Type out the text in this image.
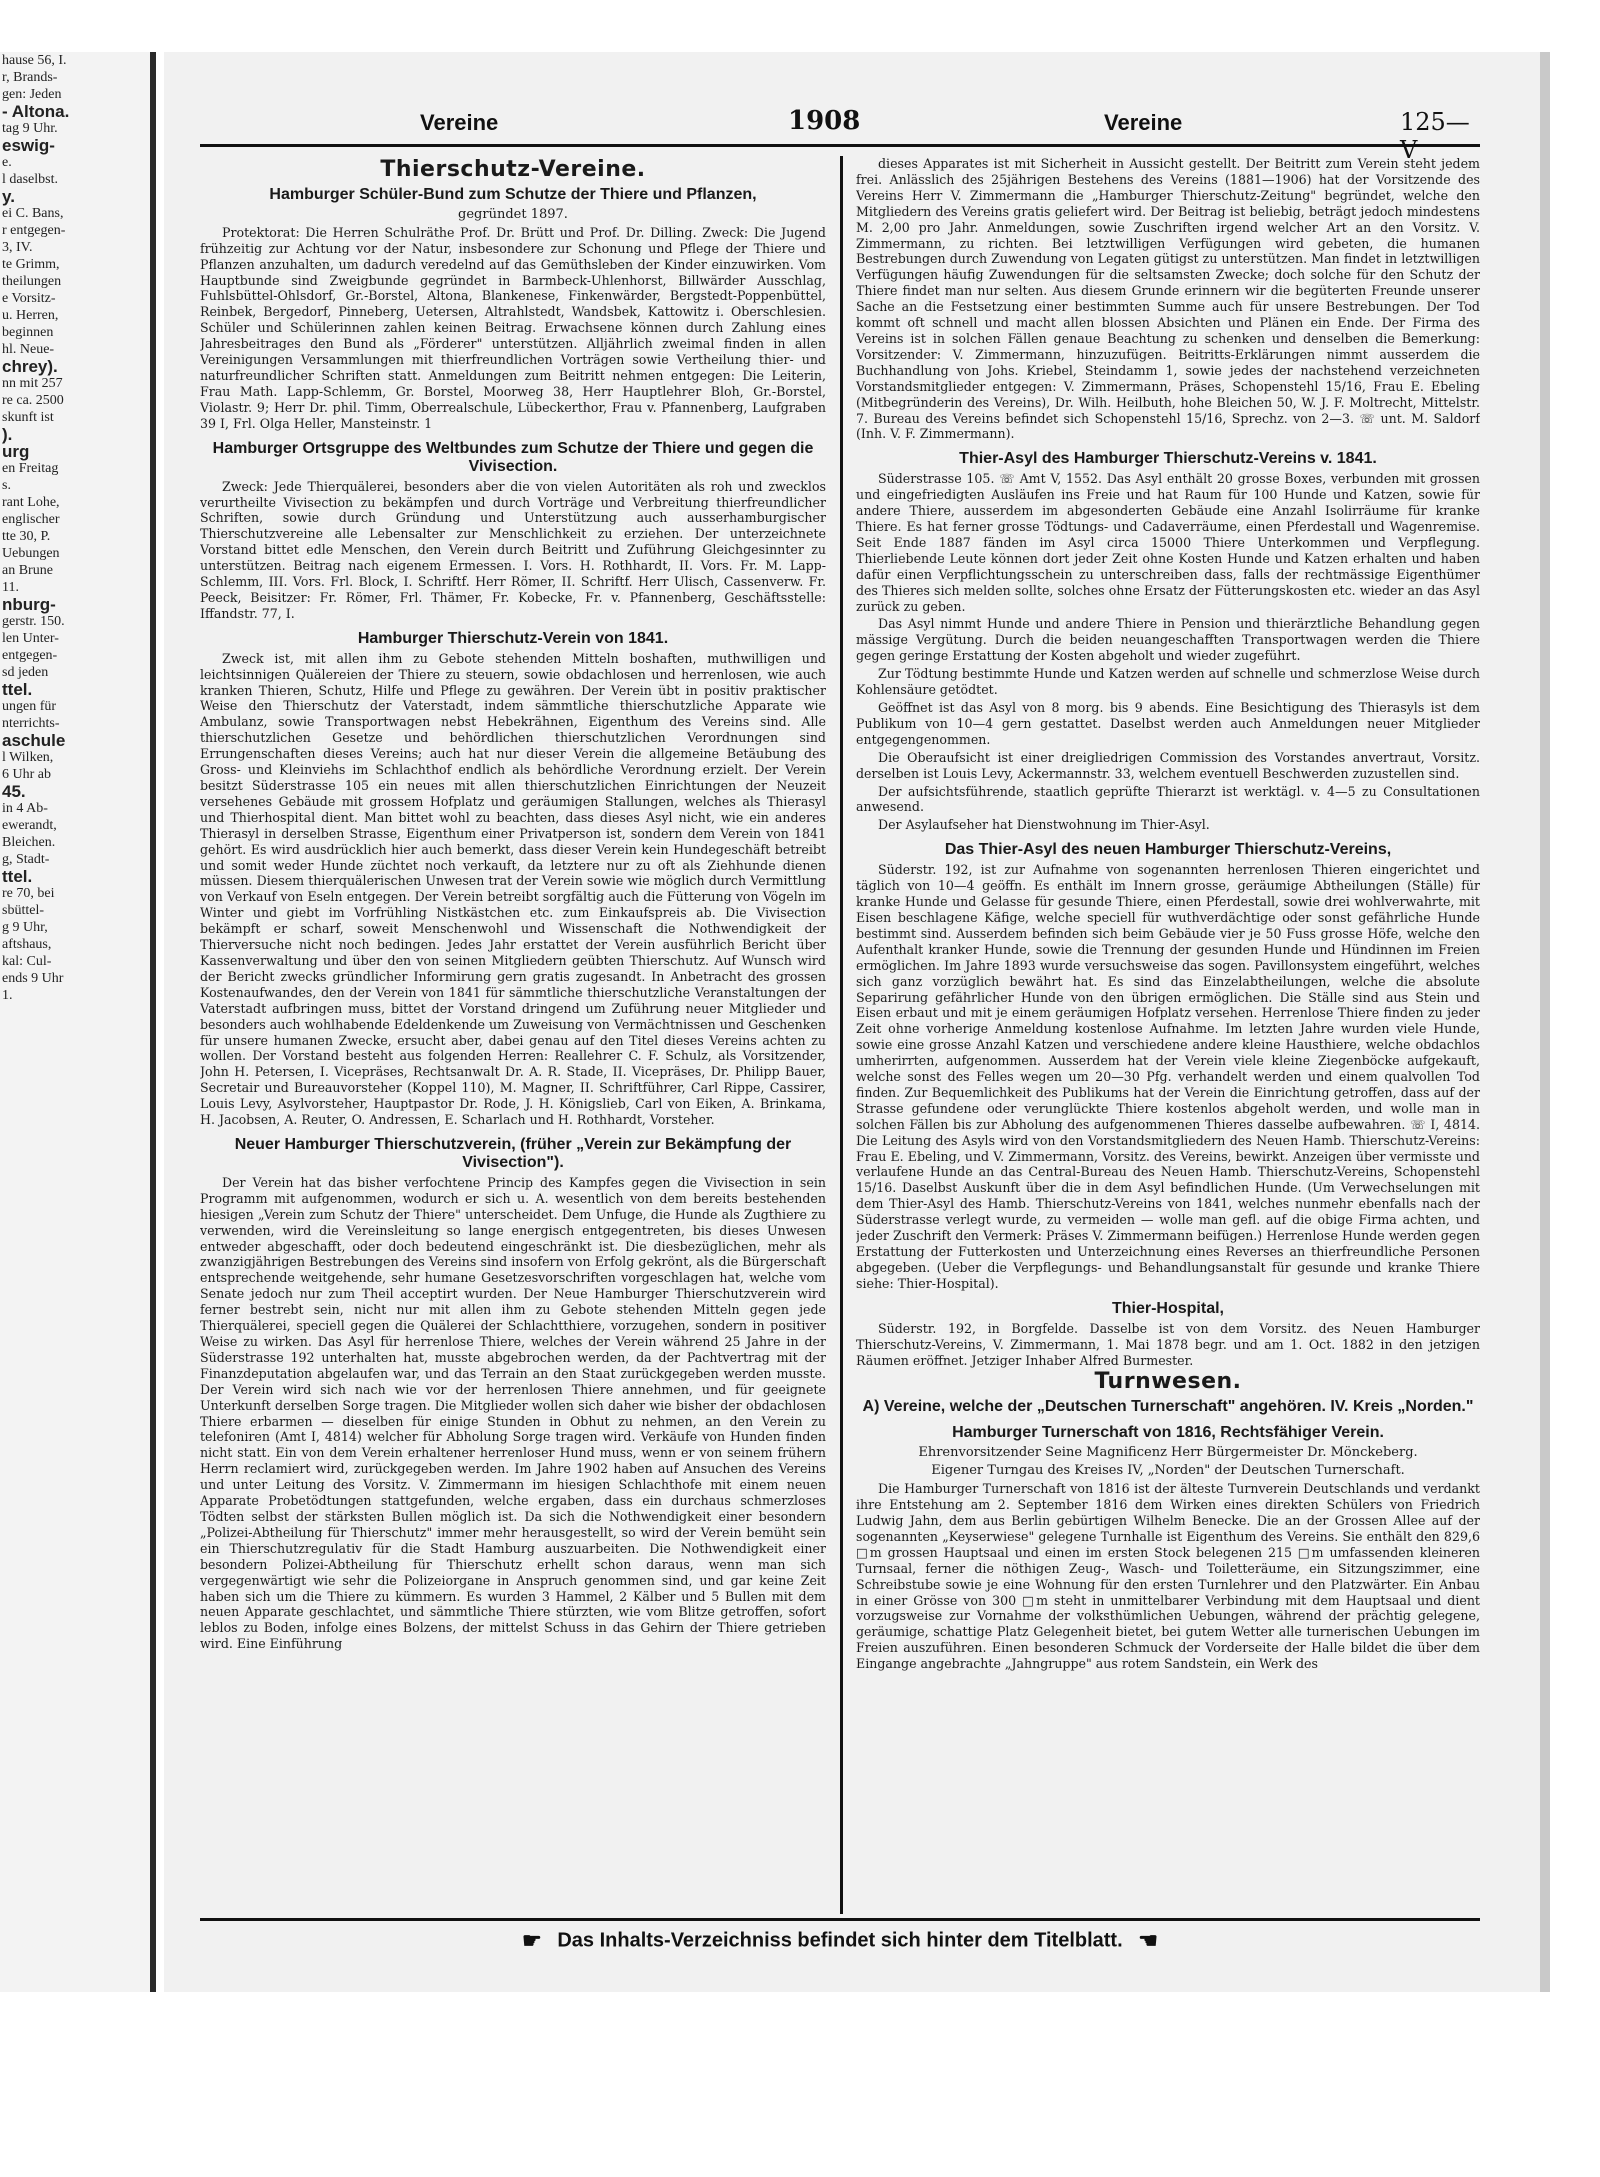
hause 56, I.
r, Brands-
gen: Jeden
- Altona.
tag 9 Uhr.
eswig-
e.
l daselbst.
y.
ei C. Bans,
r entgegen-
3, IV.
te Grimm,
theilungen
e Vorsitz-
u. Herren,
beginnen
hl. Neue-
chrey).
nn mit 257
re ca. 2500
skunft ist
).
urg
en Freitag
s.
rant Lohe,
englischer
tte 30, P.
Uebungen
an Brune
11.
nburg-
gerstr. 150.
len Unter-
entgegen-
sd jeden
ttel.
ungen für
nterrichts-
aschule
l Wilken,
6 Uhr ab
45.
in 4 Ab-
ewerandt,
Bleichen.
g, Stadt-
ttel.
re 70, bei
sbüttel-
g 9 Uhr,
aftshaus,
kal: Cul-
ends 9 Uhr
1.
Vereine	1908	Vereine	125—V
Thierschutz-Vereine.
Hamburger Schüler-Bund zum Schutze der Thiere und Pflanzen,
gegründet 1897.
Protektorat: Die Herren Schulräthe Prof. Dr. Brütt und Prof. Dr. Dilling. Zweck: Die Jugend frühzeitig zur Achtung vor der Natur, insbesondere zur Schonung und Pflege der Thiere und Pflanzen anzuhalten, um dadurch veredelnd auf das Gemüthsleben der Kinder einzuwirken. Vom Hauptbunde sind Zweigbunde gegründet in Barmbeck-Uhlenhorst, Billwärder Ausschlag, Fuhlsbüttel-Ohlsdorf, Gr.-Borstel, Altona, Blankenese, Finkenwärder, Bergstedt-Poppenbüttel, Reinbek, Bergedorf, Pinneberg, Uetersen, Altrahlstedt, Wandsbek, Kattowitz i. Oberschlesien. Schüler und Schülerinnen zahlen keinen Beitrag. Erwachsene können durch Zahlung eines Jahresbeitrages den Bund als „Förderer" unterstützen. Alljährlich zweimal finden in allen Vereinigungen Versammlungen mit thierfreundlichen Vorträgen sowie Vertheilung thier- und naturfreundlicher Schriften statt. Anmeldungen zum Beitritt nehmen entgegen: Die Leiterin, Frau Math. Lapp-Schlemm, Gr. Borstel, Moorweg 38, Herr Hauptlehrer Bloh, Gr.-Borstel, Violastr. 9; Herr Dr. phil. Timm, Oberrealschule, Lübeckerthor, Frau v. Pfannenberg, Laufgraben 39 I, Frl. Olga Heller, Mansteinstr. 1
Hamburger Ortsgruppe des Weltbundes zum Schutze der Thiere und gegen die Vivisection.
Zweck: Jede Thierquälerei, besonders aber die von vielen Autoritäten als roh und zwecklos verurtheilte Vivisection zu bekämpfen und durch Vorträge und Verbreitung thierfreundlicher Schriften, sowie durch Gründung und Unterstützung auch ausserhamburgischer Thierschutzvereine alle Lebensalter zur Menschlichkeit zu erziehen. Der unterzeichnete Vorstand bittet edle Menschen, den Verein durch Beitritt und Zuführung Gleichgesinnter zu unterstützen. Beitrag nach eigenem Ermessen. I. Vors. H. Rothhardt, II. Vors. Fr. M. Lapp-Schlemm, III. Vors. Frl. Block, I. Schriftf. Herr Römer, II. Schriftf. Herr Ulisch, Cassenverw. Fr. Peeck, Beisitzer: Fr. Römer, Frl. Thämer, Fr. Kobecke, Fr. v. Pfannenberg, Geschäftsstelle: Iffandstr. 77, I.
Hamburger Thierschutz-Verein von 1841.
Zweck ist, mit allen ihm zu Gebote stehenden Mitteln boshaften, muthwilligen und leichtsinnigen Quälereien der Thiere zu steuern, sowie obdachlosen und herrenlosen, wie auch kranken Thieren, Schutz, Hilfe und Pflege zu gewähren. Der Verein übt in positiv praktischer Weise den Thierschutz der Vaterstadt, indem sämmtliche thierschutzliche Apparate wie Ambulanz, sowie Transportwagen nebst Hebekrähnen, Eigenthum des Vereins sind. Alle thierschutzlichen Gesetze und behördlichen thierschutzlichen Verordnungen sind Errungenschaften dieses Vereins; auch hat nur dieser Verein die allgemeine Betäubung des Gross- und Kleinviehs im Schlachthof endlich als behördliche Verordnung erzielt. Der Verein besitzt Süderstrasse 105 ein neues mit allen thierschutzlichen Einrichtungen der Neuzeit versehenes Gebäude mit grossem Hofplatz und geräumigen Stallungen, welches als Thierasyl und Thierhospital dient. Man bittet wohl zu beachten, dass dieses Asyl nicht, wie ein anderes Thierasyl in derselben Strasse, Eigenthum einer Privatperson ist, sondern dem Verein von 1841 gehört. Es wird ausdrücklich hier auch bemerkt, dass dieser Verein kein Hundegeschäft betreibt und somit weder Hunde züchtet noch verkauft, da letztere nur zu oft als Ziehhunde dienen müssen. Diesem thierquälerischen Unwesen trat der Verein sowie wie möglich durch Vermittlung von Verkauf von Eseln entgegen. Der Verein betreibt sorgfältig auch die Fütterung von Vögeln im Winter und giebt im Vorfrühling Nistkästchen etc. zum Einkaufspreis ab. Die Vivisection bekämpft er scharf, soweit Menschenwohl und Wissenschaft die Nothwendigkeit der Thierversuche nicht noch bedingen. Jedes Jahr erstattet der Verein ausführlich Bericht über Kassenverwaltung und über den von seinen Mitgliedern geübten Thierschutz. Auf Wunsch wird der Bericht zwecks gründlicher Informirung gern gratis zugesandt. In Anbetracht des grossen Kostenaufwandes, den der Verein von 1841 für sämmtliche thierschutzliche Veranstaltungen der Vaterstadt aufbringen muss, bittet der Vorstand dringend um Zuführung neuer Mitglieder und besonders auch wohlhabende Edeldenkende um Zuweisung von Vermächtnissen und Geschenken für unsere humanen Zwecke, ersucht aber, dabei genau auf den Titel dieses Vereins achten zu wollen. Der Vorstand besteht aus folgenden Herren: Reallehrer C. F. Schulz, als Vorsitzender, John H. Petersen, I. Vicepräses, Rechtsanwalt Dr. A. R. Stade, II. Vicepräses, Dr. Philipp Bauer, Secretair und Bureauvorsteher (Koppel 110), M. Magner, II. Schriftführer, Carl Rippe, Cassirer, Louis Levy, Asylvorsteher, Hauptpastor Dr. Rode, J. H. Königslieb, Carl von Eiken, A. Brinkama, H. Jacobsen, A. Reuter, O. Andressen, E. Scharlach und H. Rothhardt, Vorsteher.
Neuer Hamburger Thierschutzverein, (früher „Verein zur Bekämpfung der Vivisection").
Der Verein hat das bisher verfochtene Princip des Kampfes gegen die Vivisection in sein Programm mit aufgenommen, wodurch er sich u. A. wesentlich von dem bereits bestehenden hiesigen „Verein zum Schutz der Thiere" unterscheidet. Dem Unfuge, die Hunde als Zugthiere zu verwenden, wird die Vereinsleitung so lange energisch entgegentreten, bis dieses Unwesen entweder abgeschafft, oder doch bedeutend eingeschränkt ist. Die diesbezüglichen, mehr als zwanzigjährigen Bestrebungen des Vereins sind insofern von Erfolg gekrönt, als die Bürgerschaft entsprechende weitgehende, sehr humane Gesetzesvorschriften vorgeschlagen hat, welche vom Senate jedoch nur zum Theil acceptirt wurden. Der Neue Hamburger Thierschutzverein wird ferner bestrebt sein, nicht nur mit allen ihm zu Gebote stehenden Mitteln gegen jede Thierquälerei, speciell gegen die Quälerei der Schlachtthiere, vorzugehen, sondern in positiver Weise zu wirken. Das Asyl für herrenlose Thiere, welches der Verein während 25 Jahre in der Süderstrasse 192 unterhalten hat, musste abgebrochen werden, da der Pachtvertrag mit der Finanzdeputation abgelaufen war, und das Terrain an den Staat zurückgegeben werden musste. Der Verein wird sich nach wie vor der herrenlosen Thiere annehmen, und für geeignete Unterkunft derselben Sorge tragen. Die Mitglieder wollen sich daher wie bisher der obdachlosen Thiere erbarmen — dieselben für einige Stunden in Obhut zu nehmen, an den Verein zu telefoniren (Amt I, 4814) welcher für Abholung Sorge tragen wird. Verkäufe von Hunden finden nicht statt. Ein von dem Verein erhaltener herrenloser Hund muss, wenn er von seinem frühern Herrn reclamiert wird, zurückgegeben werden. Im Jahre 1902 haben auf Ansuchen des Vereins und unter Leitung des Vorsitz. V. Zimmermann im hiesigen Schlachthofe mit einem neuen Apparate Probetödtungen stattgefunden, welche ergaben, dass ein durchaus schmerzloses Tödten selbst der stärksten Bullen möglich ist. Da sich die Nothwendigkeit einer besondern „Polizei-Abtheilung für Thierschutz" immer mehr herausgestellt, so wird der Verein bemüht sein ein Thierschutzregulativ für die Stadt Hamburg auszuarbeiten. Die Nothwendigkeit einer besondern Polizei-Abtheilung für Thierschutz erhellt schon daraus, wenn man sich vergegenwärtigt wie sehr die Polizeiorgane in Anspruch genommen sind, und gar keine Zeit haben sich um die Thiere zu kümmern. Es wurden 3 Hammel, 2 Kälber und 5 Bullen mit dem neuen Apparate geschlachtet, und sämmtliche Thiere stürzten, wie vom Blitze getroffen, sofort leblos zu Boden, infolge eines Bolzens, der mittelst Schuss in das Gehirn der Thiere getrieben wird. Eine Einführung
dieses Apparates ist mit Sicherheit in Aussicht gestellt. Der Beitritt zum Verein steht jedem frei. Anlässlich des 25jährigen Bestehens des Vereins (1881—1906) hat der Vorsitzende des Vereins Herr V. Zimmermann die „Hamburger Thierschutz-Zeitung" begründet, welche den Mitgliedern des Vereins gratis geliefert wird. Der Beitrag ist beliebig, beträgt jedoch mindestens M. 2,00 pro Jahr. Anmeldungen, sowie Zuschriften irgend welcher Art an den Vorsitz. V. Zimmermann, zu richten. Bei letztwilligen Verfügungen wird gebeten, die humanen Bestrebungen durch Zuwendung von Legaten gütigst zu unterstützen. Man findet in letztwilligen Verfügungen häufig Zuwendungen für die seltsamsten Zwecke; doch solche für den Schutz der Thiere findet man nur selten. Aus diesem Grunde erinnern wir die begüterten Freunde unserer Sache an die Festsetzung einer bestimmten Summe auch für unsere Bestrebungen. Der Tod kommt oft schnell und macht allen blossen Absichten und Plänen ein Ende. Der Firma des Vereins ist in solchen Fällen genaue Beachtung zu schenken und denselben die Bemerkung: Vorsitzender: V. Zimmermann, hinzuzufügen. Beitritts-Erklärungen nimmt ausserdem die Buchhandlung von Johs. Kriebel, Steindamm 1, sowie jedes der nachstehend verzeichneten Vorstandsmitglieder entgegen: V. Zimmermann, Präses, Schopenstehl 15/16, Frau E. Ebeling (Mitbegründerin des Vereins), Dr. Wilh. Heilbuth, hohe Bleichen 50, W. J. F. Moltrecht, Mittelstr. 7. Bureau des Vereins befindet sich Schopenstehl 15/16, Sprechz. von 2—3. ☏ unt. M. Saldorf (Inh. V. F. Zimmermann).
Thier-Asyl des Hamburger Thierschutz-Vereins v. 1841.
Süderstrasse 105. ☏ Amt V, 1552. Das Asyl enthält 20 grosse Boxes, verbunden mit grossen und eingefriedigten Ausläufen ins Freie und hat Raum für 100 Hunde und Katzen, sowie für andere Thiere, ausserdem im abgesonderten Gebäude eine Anzahl Isolirräume für kranke Thiere. Es hat ferner grosse Tödtungs- und Cadaverräume, einen Pferdestall und Wagenremise. Seit Ende 1887 fänden im Asyl circa 15000 Thiere Unterkommen und Verpflegung. Thierliebende Leute können dort jeder Zeit ohne Kosten Hunde und Katzen erhalten und haben dafür einen Verpflichtungsschein zu unterschreiben dass, falls der rechtmässige Eigenthümer des Thieres sich melden sollte, solches ohne Ersatz der Fütterungskosten etc. wieder an das Asyl zurück zu geben.
Das Asyl nimmt Hunde und andere Thiere in Pension und thierärztliche Behandlung gegen mässige Vergütung. Durch die beiden neuangeschafften Transportwagen werden die Thiere gegen geringe Erstattung der Kosten abgeholt und wieder zugeführt.
Zur Tödtung bestimmte Hunde und Katzen werden auf schnelle und schmerzlose Weise durch Kohlensäure getödtet.
Geöffnet ist das Asyl von 8 morg. bis 9 abends. Eine Besichtigung des Thierasyls ist dem Publikum von 10—4 gern gestattet. Daselbst werden auch Anmeldungen neuer Mitglieder entgegengenommen.
Die Oberaufsicht ist einer dreigliedrigen Commission des Vorstandes anvertraut, Vorsitz. derselben ist Louis Levy, Ackermannstr. 33, welchem eventuell Beschwerden zuzustellen sind.
Der aufsichtsführende, staatlich geprüfte Thierarzt ist werktägl. v. 4—5 zu Consultationen anwesend.
Der Asylaufseher hat Dienstwohnung im Thier-Asyl.
Das Thier-Asyl des neuen Hamburger Thierschutz-Vereins,
Süderstr. 192, ist zur Aufnahme von sogenannten herrenlosen Thieren eingerichtet und täglich von 10—4 geöffn. Es enthält im Innern grosse, geräumige Abtheilungen (Ställe) für kranke Hunde und Gelasse für gesunde Thiere, einen Pferdestall, sowie drei wohlverwahrte, mit Eisen beschlagene Käfige, welche speciell für wuthverdächtige oder sonst gefährliche Hunde bestimmt sind. Ausserdem befinden sich beim Gebäude vier je 50 Fuss grosse Höfe, welche den Aufenthalt kranker Hunde, sowie die Trennung der gesunden Hunde und Hündinnen im Freien ermöglichen. Im Jahre 1893 wurde versuchsweise das sogen. Pavillonsystem eingeführt, welches sich ganz vorzüglich bewährt hat. Es sind das Einzelabtheilungen, welche die absolute Separirung gefährlicher Hunde von den übrigen ermöglichen. Die Ställe sind aus Stein und Eisen erbaut und mit je einem geräumigen Hofplatz versehen. Herrenlose Thiere finden zu jeder Zeit ohne vorherige Anmeldung kostenlose Aufnahme. Im letzten Jahre wurden viele Hunde, sowie eine grosse Anzahl Katzen und verschiedene andere kleine Hausthiere, welche obdachlos umherirrten, aufgenommen. Ausserdem hat der Verein viele kleine Ziegenböcke aufgekauft, welche sonst des Felles wegen um 20—30 Pfg. verhandelt werden und einem qualvollen Tod finden. Zur Bequemlichkeit des Publikums hat der Verein die Einrichtung getroffen, dass auf der Strasse gefundene oder verunglückte Thiere kostenlos abgeholt werden, und wolle man in solchen Fällen bis zur Abholung des aufgenommenen Thieres dasselbe aufbewahren. ☏ I, 4814. Die Leitung des Asyls wird von den Vorstandsmitgliedern des Neuen Hamb. Thierschutz-Vereins: Frau E. Ebeling, und V. Zimmermann, Vorsitz. des Vereins, bewirkt. Anzeigen über vermisste und verlaufene Hunde an das Central-Bureau des Neuen Hamb. Thierschutz-Vereins, Schopenstehl 15/16. Daselbst Auskunft über die in dem Asyl befindlichen Hunde. (Um Verwechselungen mit dem Thier-Asyl des Hamb. Thierschutz-Vereins von 1841, welches nunmehr ebenfalls nach der Süderstrasse verlegt wurde, zu vermeiden — wolle man gefl. auf die obige Firma achten, und jeder Zuschrift den Vermerk: Präses V. Zimmermann beifügen.) Herrenlose Hunde werden gegen Erstattung der Futterkosten und Unterzeichnung eines Reverses an thierfreundliche Personen abgegeben. (Ueber die Verpflegungs- und Behandlungsanstalt für gesunde und kranke Thiere siehe: Thier-Hospital).
Thier-Hospital,
Süderstr. 192, in Borgfelde. Dasselbe ist von dem Vorsitz. des Neuen Hamburger Thierschutz-Vereins, V. Zimmermann, 1. Mai 1878 begr. und am 1. Oct. 1882 in den jetzigen Räumen eröffnet. Jetziger Inhaber Alfred Burmester.
Turnwesen.
A) Vereine, welche der „Deutschen Turnerschaft" angehören. IV. Kreis „Norden."
Hamburger Turnerschaft von 1816, Rechtsfähiger Verein.
Ehrenvorsitzender Seine Magnificenz Herr Bürgermeister Dr. Mönckeberg.
Eigener Turngau des Kreises IV, „Norden" der Deutschen Turnerschaft.
Die Hamburger Turnerschaft von 1816 ist der älteste Turnverein Deutschlands und verdankt ihre Entstehung am 2. September 1816 dem Wirken eines direkten Schülers von Friedrich Ludwig Jahn, dem aus Berlin gebürtigen Wilhelm Benecke. Die an der Grossen Allee auf der sogenannten „Keyserwiese" gelegene Turnhalle ist Eigenthum des Vereins. Sie enthält den 829,6 □m grossen Hauptsaal und einen im ersten Stock belegenen 215 □m umfassenden kleineren Turnsaal, ferner die nöthigen Zeug-, Wasch- und Toiletteräume, ein Sitzungszimmer, eine Schreibstube sowie je eine Wohnung für den ersten Turnlehrer und den Platzwärter. Ein Anbau in einer Grösse von 300 □m steht in unmittelbarer Verbindung mit dem Hauptsaal und dient vorzugsweise zur Vornahme der volksthümlichen Uebungen, während der prächtig gelegene, geräumige, schattige Platz Gelegenheit bietet, bei gutem Wetter alle turnerischen Uebungen im Freien auszuführen. Einen besonderen Schmuck der Vorderseite der Halle bildet die über dem Eingange angebrachte „Jahngruppe" aus rotem Sandstein, ein Werk des
☛ Das Inhalts-Verzeichniss befindet sich hinter dem Titelblatt. ☚
